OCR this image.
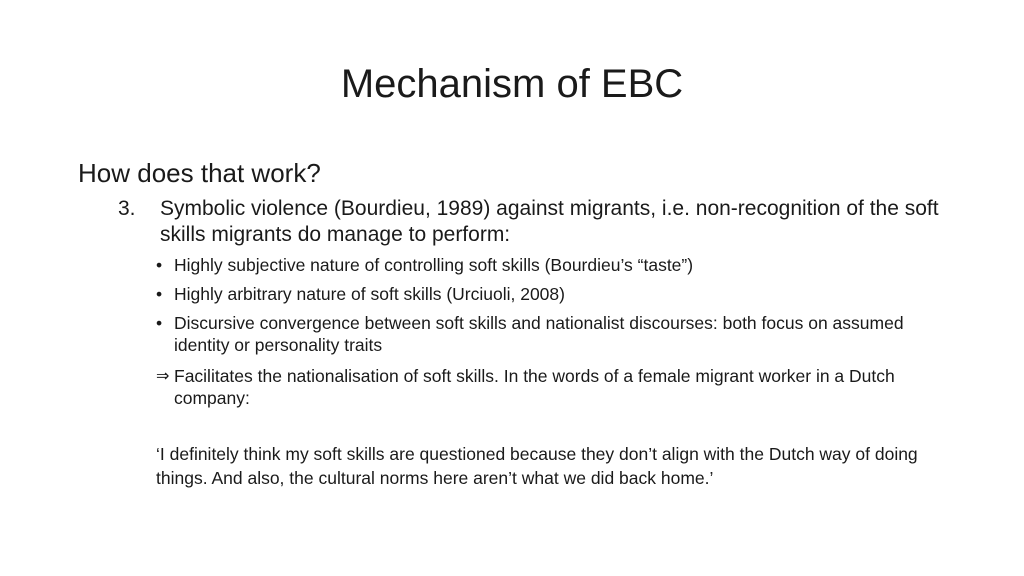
Mechanism of EBC
How does that work?
3.	Symbolic violence (Bourdieu, 1989) against migrants, i.e. non-recognition of the soft skills migrants do manage to perform:
• Highly subjective nature of controlling soft skills (Bourdieu’s “taste”)
• Highly arbitrary nature of soft skills (Urciuoli, 2008)
• Discursive convergence between soft skills and nationalist discourses: both focus on assumed identity or personality traits
⇒ Facilitates the nationalisation of soft skills. In the words of a female migrant worker in a Dutch company:
‘I definitely think my soft skills are questioned because they don’t align with the Dutch way of doing things. And also, the cultural norms here aren’t what we did back home.’
